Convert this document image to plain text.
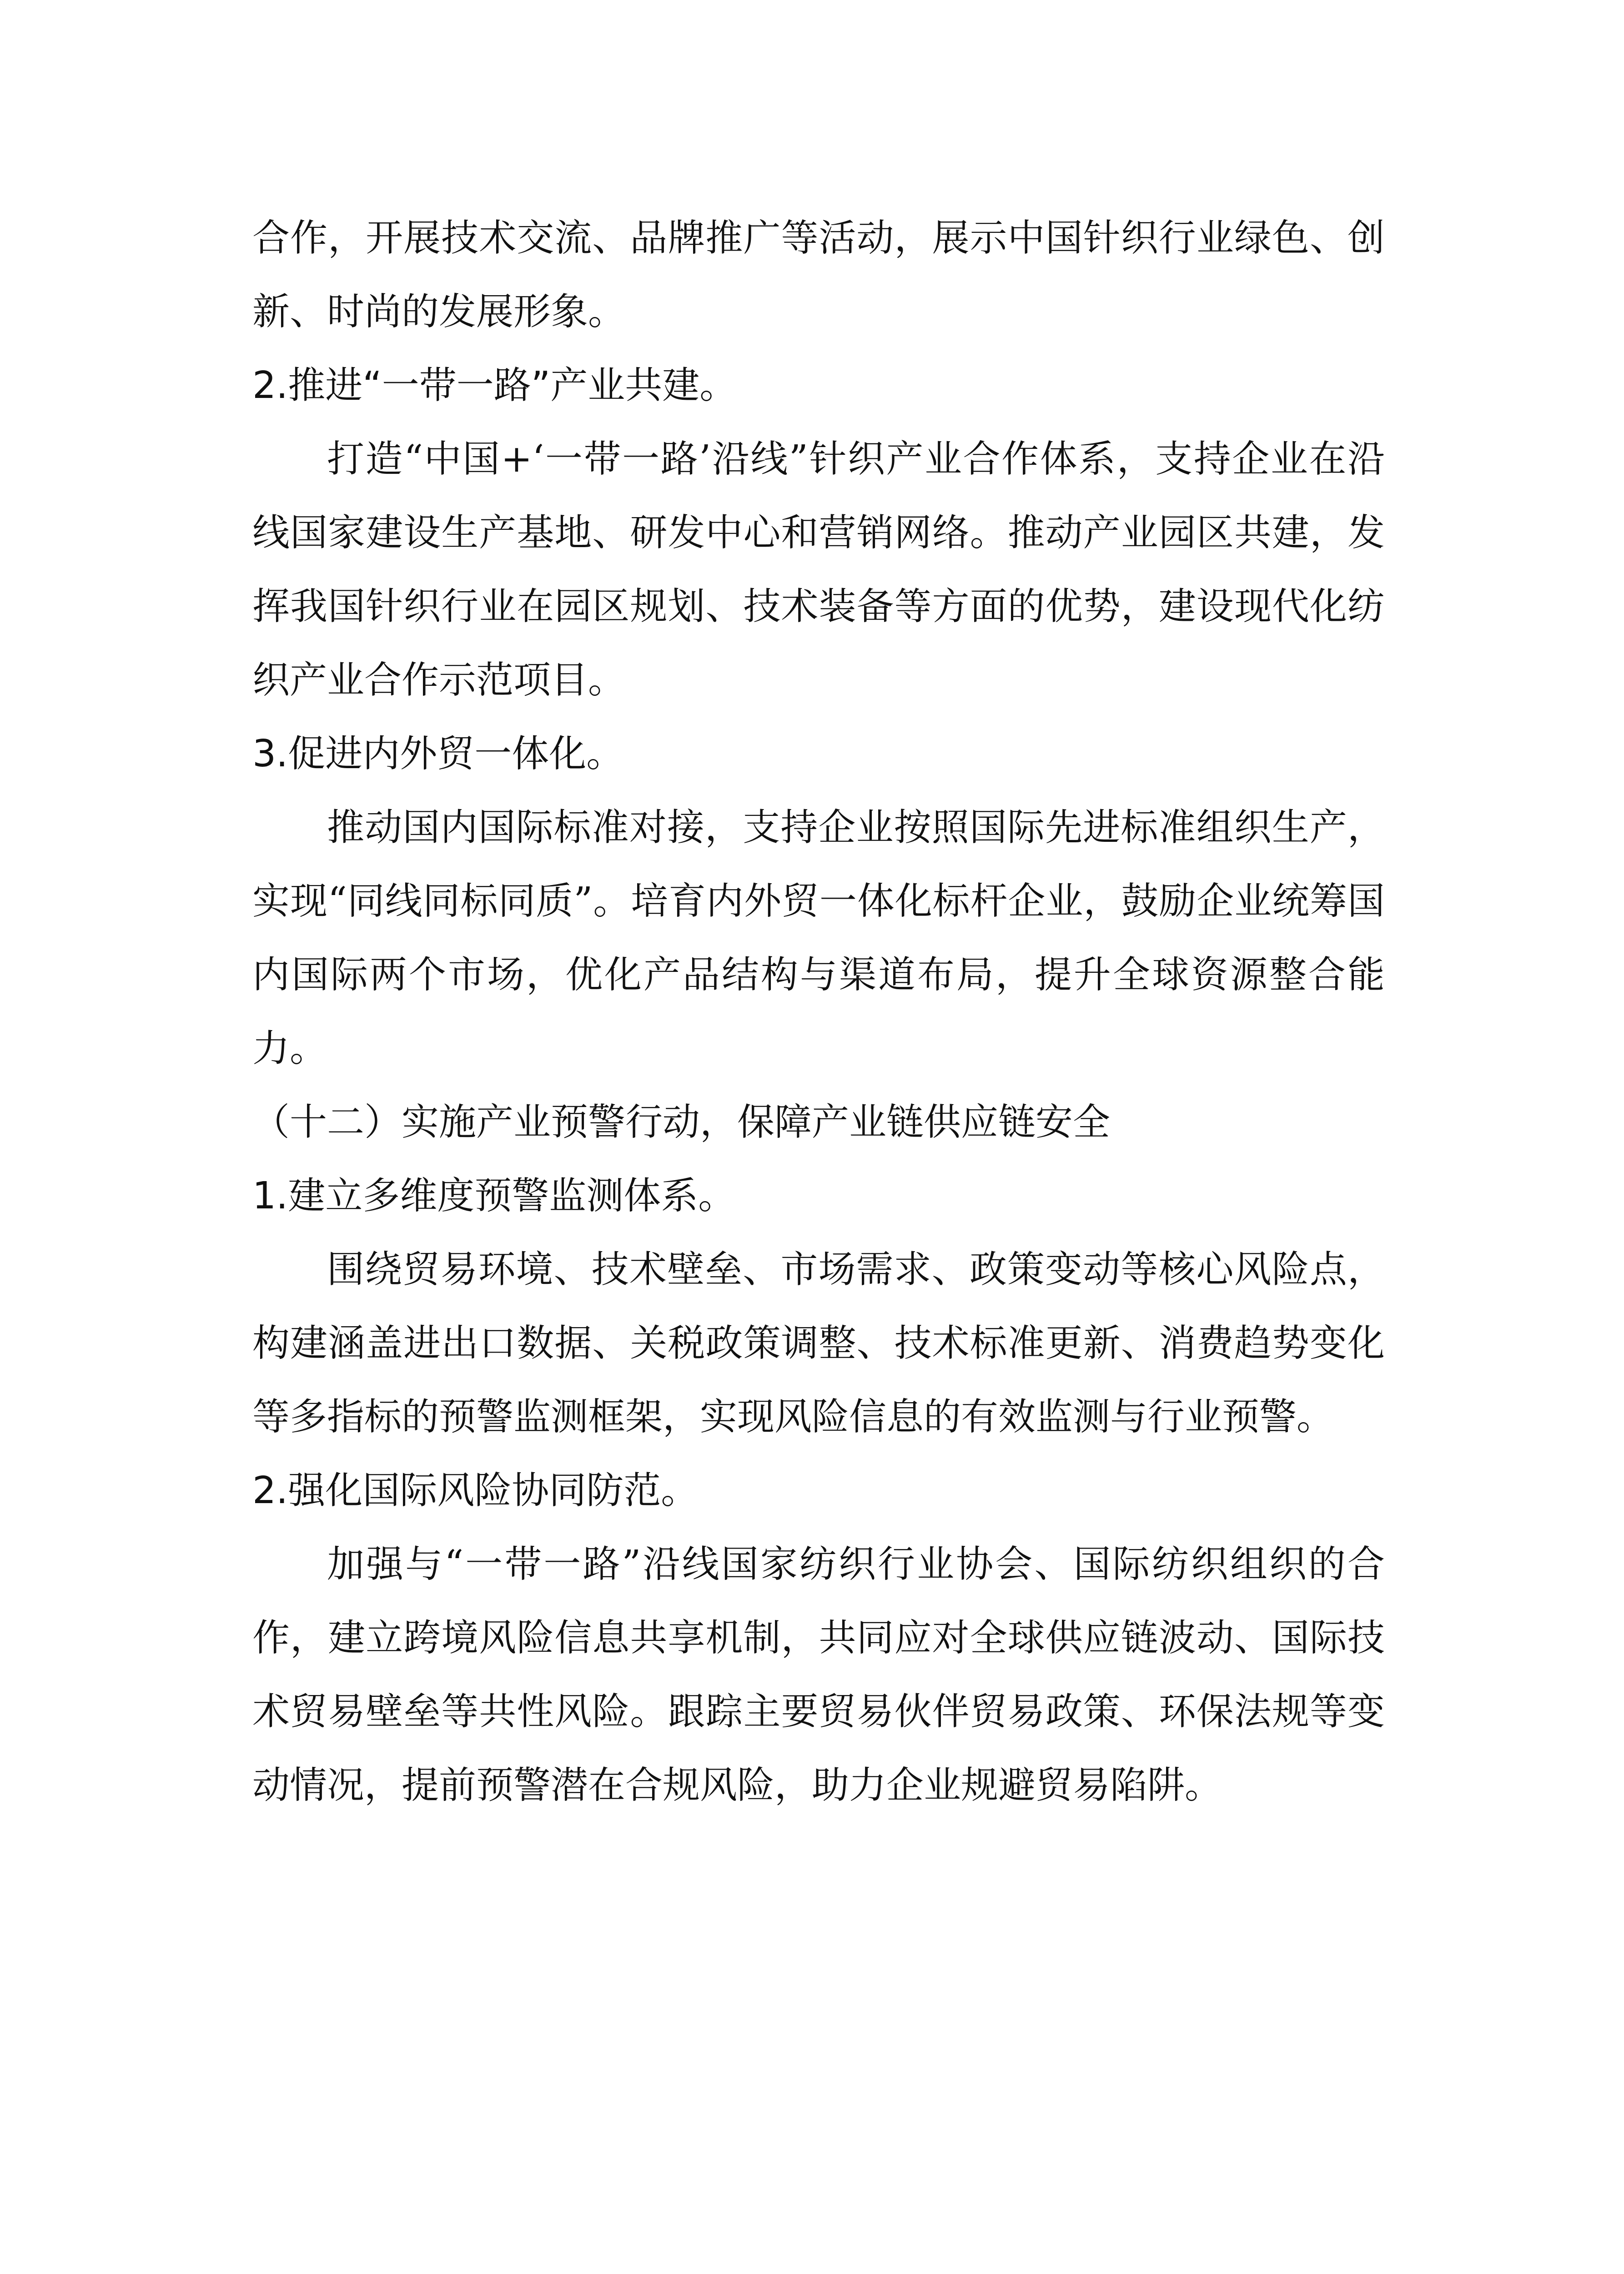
合作，开展技术交流、品牌推广等活动，展示中国针织行业绿色、创新、时尚的发展形象。

2.推进“一带一路”产业共建。

打造“中国+‘一带一路’沿线”针织产业合作体系，支持企业在沿线国家建设生产基地、研发中心和营销网络。推动产业园区共建，发挥我国针织行业在园区规划、技术装备等方面的优势，建设现代化纺织产业合作示范项目。

3.促进内外贸一体化。

推动国内国际标准对接，支持企业按照国际先进标准组织生产，实现“同线同标同质”。培育内外贸一体化标杆企业，鼓励企业统筹国内国际两个市场，优化产品结构与渠道布局，提升全球资源整合能力。

（十二）实施产业预警行动，保障产业链供应链安全

1.建立多维度预警监测体系。

围绕贸易环境、技术壁垒、市场需求、政策变动等核心风险点，构建涵盖进出口数据、关税政策调整、技术标准更新、消费趋势变化等多指标的预警监测框架，实现风险信息的有效监测与行业预警。

2.强化国际风险协同防范。

加强与“一带一路”沿线国家纺织行业协会、国际纺织组织的合作，建立跨境风险信息共享机制，共同应对全球供应链波动、国际技术贸易壁垒等共性风险。跟踪主要贸易伙伴贸易政策、环保法规等变动情况，提前预警潜在合规风险，助力企业规避贸易陷阱。
